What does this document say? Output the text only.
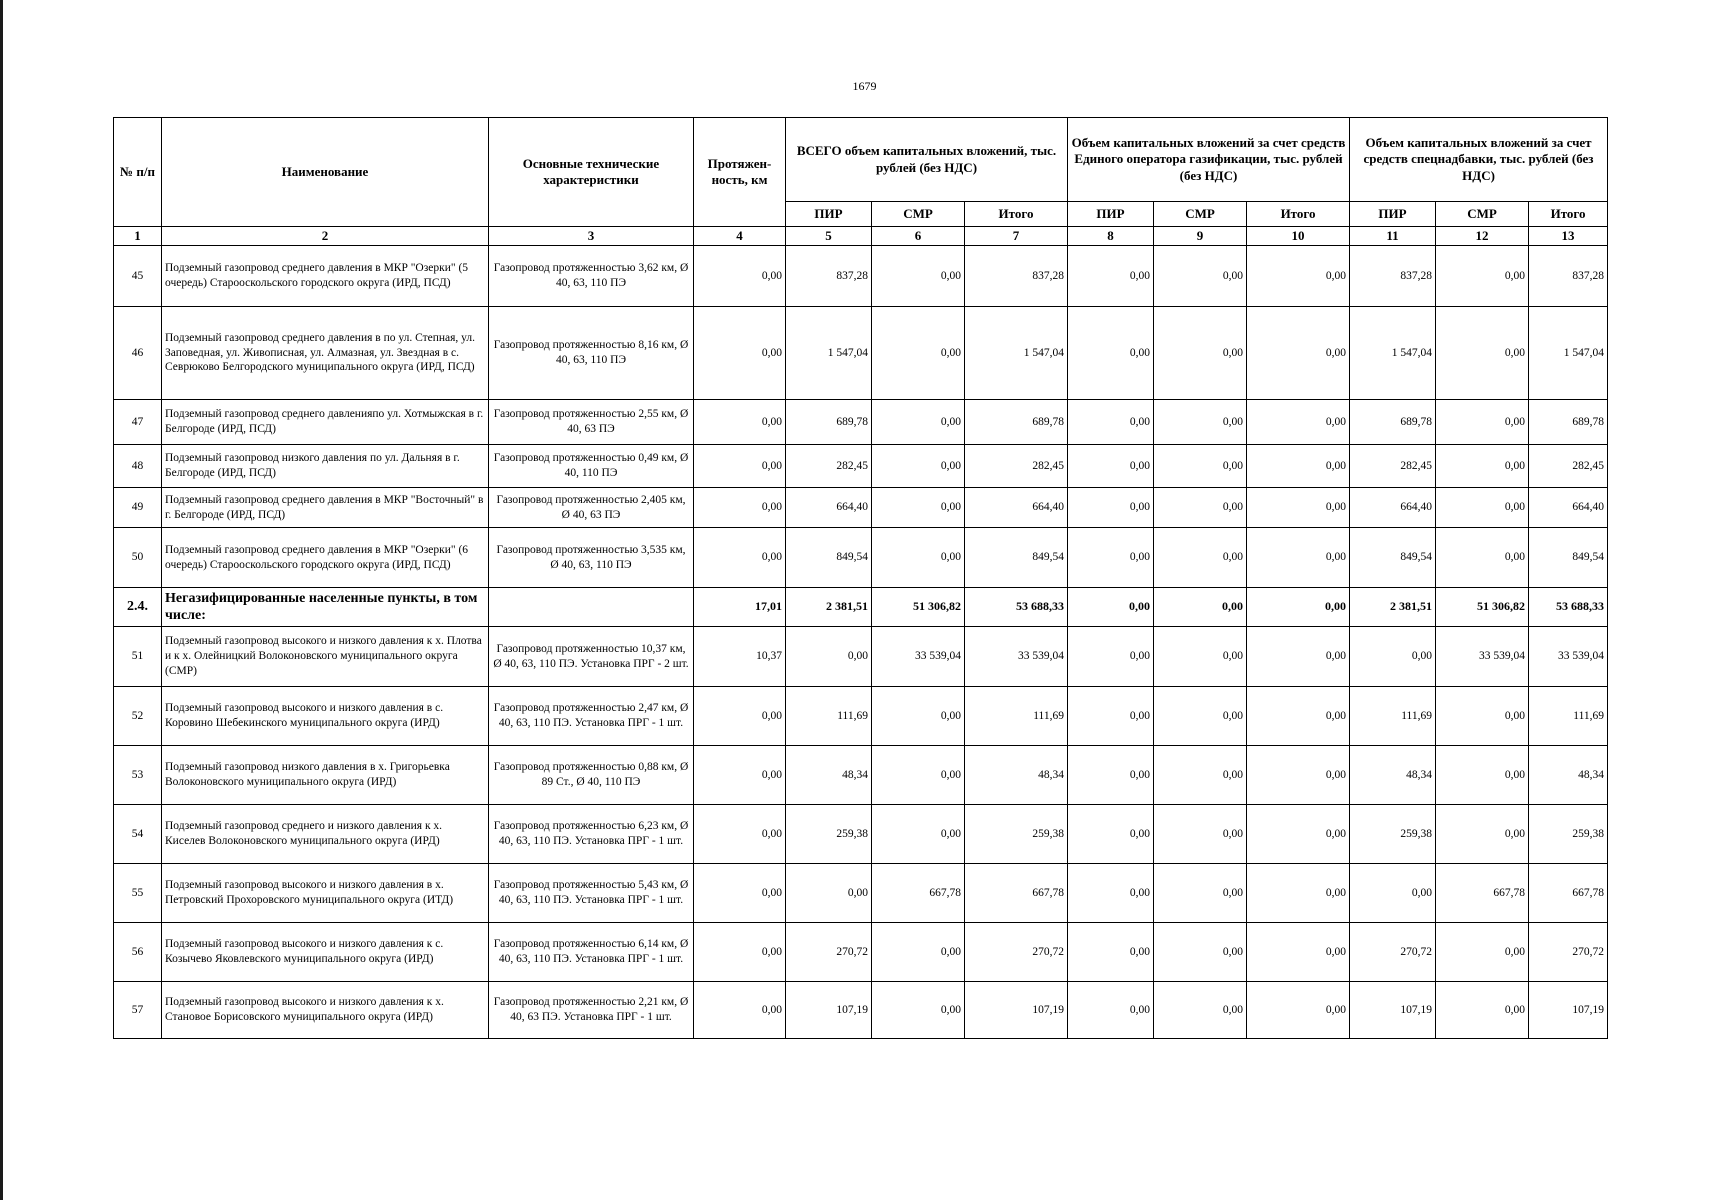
1679
№ п/п	Наименование	Основные технические характеристики	Протяжен-ность, км	ВСЕГО объем капитальных вложений, тыс. рублей (без НДС)			Объем капитальных вложений за счет средств Единого оператора газификации, тыс. рублей (без НДС)			Объем капитальных вложений за счет средств спецнадбавки, тыс. рублей (без НДС)		
				ПИР	СМР	Итого	ПИР	СМР	Итого	ПИР	СМР	Итого
1	2	3	4	5	6	7	8	9	10	11	12	13
45	Подземный газопровод среднего давления в МКР "Озерки" (5 очередь) Старооскольского городского округа (ИРД, ПСД)	Газопровод протяженностью 3,62 км, Ø 40, 63, 110 ПЭ	0,00	837,28	0,00	837,28	0,00	0,00	0,00	837,28	0,00	837,28
46	Подземный газопровод среднего давления в по ул. Степная, ул. Заповедная, ул. Живописная, ул. Алмазная, ул. Звездная в с. Севрюково Белгородского муниципального округа (ИРД, ПСД)	Газопровод протяженностью 8,16 км, Ø 40, 63, 110 ПЭ	0,00	1 547,04	0,00	1 547,04	0,00	0,00	0,00	1 547,04	0,00	1 547,04
47	Подземный газопровод среднего давленияпо ул. Хотмыжская в г. Белгороде (ИРД, ПСД)	Газопровод протяженностью 2,55 км, Ø 40, 63 ПЭ	0,00	689,78	0,00	689,78	0,00	0,00	0,00	689,78	0,00	689,78
48	Подземный газопровод низкого давления по ул. Дальняя в г. Белгороде (ИРД, ПСД)	Газопровод протяженностью 0,49 км, Ø 40, 110 ПЭ	0,00	282,45	0,00	282,45	0,00	0,00	0,00	282,45	0,00	282,45
49	Подземный газопровод среднего давления в МКР "Восточный" в г. Белгороде (ИРД, ПСД)	Газопровод протяженностью 2,405 км, Ø 40, 63 ПЭ	0,00	664,40	0,00	664,40	0,00	0,00	0,00	664,40	0,00	664,40
50	Подземный газопровод среднего давления в МКР "Озерки" (6 очередь) Старооскольского городского округа (ИРД, ПСД)	Газопровод протяженностью 3,535 км, Ø 40, 63, 110 ПЭ	0,00	849,54	0,00	849,54	0,00	0,00	0,00	849,54	0,00	849,54
2.4.	Негазифицированные населенные пункты, в том числе:		17,01	2 381,51	51 306,82	53 688,33	0,00	0,00	0,00	2 381,51	51 306,82	53 688,33
51	Подземный газопровод высокого и низкого давления к х. Плотва и к х. Олейницкий Волоконовского муниципального округа (СМР)	Газопровод протяженностью 10,37 км, Ø 40, 63, 110 ПЭ. Установка ПРГ - 2 шт.	10,37	0,00	33 539,04	33 539,04	0,00	0,00	0,00	0,00	33 539,04	33 539,04
52	Подземный газопровод высокого и низкого давления в с. Коровино Шебекинского муниципального округа (ИРД)	Газопровод протяженностью 2,47 км, Ø 40, 63, 110 ПЭ. Установка ПРГ - 1 шт.	0,00	111,69	0,00	111,69	0,00	0,00	0,00	111,69	0,00	111,69
53	Подземный газопровод низкого давления в х. Григорьевка Волоконовского муниципального округа (ИРД)	Газопровод протяженностью 0,88 км, Ø 89 Ст., Ø 40, 110 ПЭ	0,00	48,34	0,00	48,34	0,00	0,00	0,00	48,34	0,00	48,34
54	Подземный газопровод среднего и низкого давления к х. Киселев Волоконовского муниципального округа (ИРД)	Газопровод протяженностью 6,23 км, Ø 40, 63, 110 ПЭ. Установка ПРГ - 1 шт.	0,00	259,38	0,00	259,38	0,00	0,00	0,00	259,38	0,00	259,38
55	Подземный газопровод высокого и низкого давления в х. Петровский Прохоровского муниципального округа (ИТД)	Газопровод протяженностью 5,43 км, Ø 40, 63, 110 ПЭ. Установка ПРГ - 1 шт.	0,00	0,00	667,78	667,78	0,00	0,00	0,00	0,00	667,78	667,78
56	Подземный газопровод высокого и низкого давления к с. Козычево Яковлевского муниципального округа (ИРД)	Газопровод протяженностью 6,14 км, Ø 40, 63, 110 ПЭ. Установка ПРГ - 1 шт.	0,00	270,72	0,00	270,72	0,00	0,00	0,00	270,72	0,00	270,72
57	Подземный газопровод высокого и низкого давления к х. Становое Борисовского муниципального округа (ИРД)	Газопровод протяженностью 2,21 км, Ø 40, 63 ПЭ. Установка ПРГ - 1 шт.	0,00	107,19	0,00	107,19	0,00	0,00	0,00	107,19	0,00	107,19
